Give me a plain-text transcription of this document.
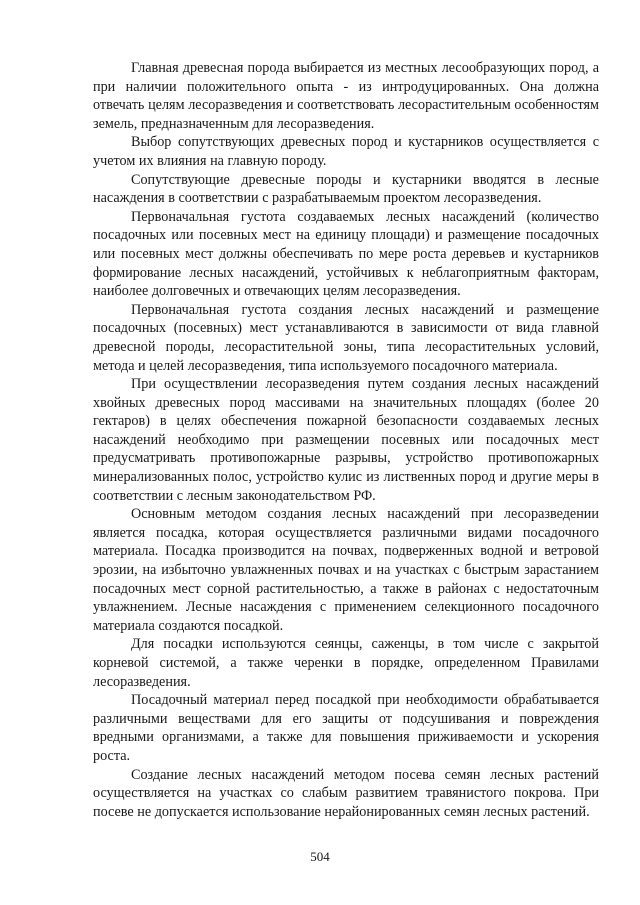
Главная древесная порода выбирается из местных лесообразующих пород, а при наличии положительного опыта - из интродуцированных. Она должна отвечать целям лесоразведения и соответствовать лесорастительным особенностям земель, предназначенным для лесоразведения.

Выбор сопутствующих древесных пород и кустарников осуществляется с учетом их влияния на главную породу.

Сопутствующие древесные породы и кустарники вводятся в лесные насаждения в соответствии с разрабатываемым проектом лесоразведения.

Первоначальная густота создаваемых лесных насаждений (количество посадочных или посевных мест на единицу площади) и размещение посадочных или посевных мест должны обеспечивать по мере роста деревьев и кустарников формирование лесных насаждений, устойчивых к неблагоприятным факторам, наиболее долговечных и отвечающих целям лесоразведения.

Первоначальная густота создания лесных насаждений и размещение посадочных (посевных) мест устанавливаются в зависимости от вида главной древесной породы, лесорастительной зоны, типа лесорастительных условий, метода и целей лесоразведения, типа используемого посадочного материала.

При осуществлении лесоразведения путем создания лесных насаждений хвойных древесных пород массивами на значительных площадях (более 20 гектаров) в целях обеспечения пожарной безопасности создаваемых лесных насаждений необходимо при размещении посевных или посадочных мест предусматривать противопожарные разрывы, устройство противопожарных минерализованных полос, устройство кулис из лиственных пород и другие меры в соответствии с лесным законодательством РФ.

Основным методом создания лесных насаждений при лесоразведении является посадка, которая осуществляется различными видами посадочного материала. Посадка производится на почвах, подверженных водной и ветровой эрозии, на избыточно увлажненных почвах и на участках с быстрым зарастанием посадочных мест сорной растительностью, а также в районах с недостаточным увлажнением. Лесные насаждения с применением селекционного посадочного материала создаются посадкой.

Для посадки используются сеянцы, саженцы, в том числе с закрытой корневой системой, а также черенки в порядке, определенном Правилами лесоразведения.

Посадочный материал перед посадкой при необходимости обрабатывается различными веществами для его защиты от подсушивания и повреждения вредными организмами, а также для повышения приживаемости и ускорения роста.

Создание лесных насаждений методом посева семян лесных растений осуществляется на участках со слабым развитием травянистого покрова. При посеве не допускается использование нерайонированных семян лесных растений.

504
